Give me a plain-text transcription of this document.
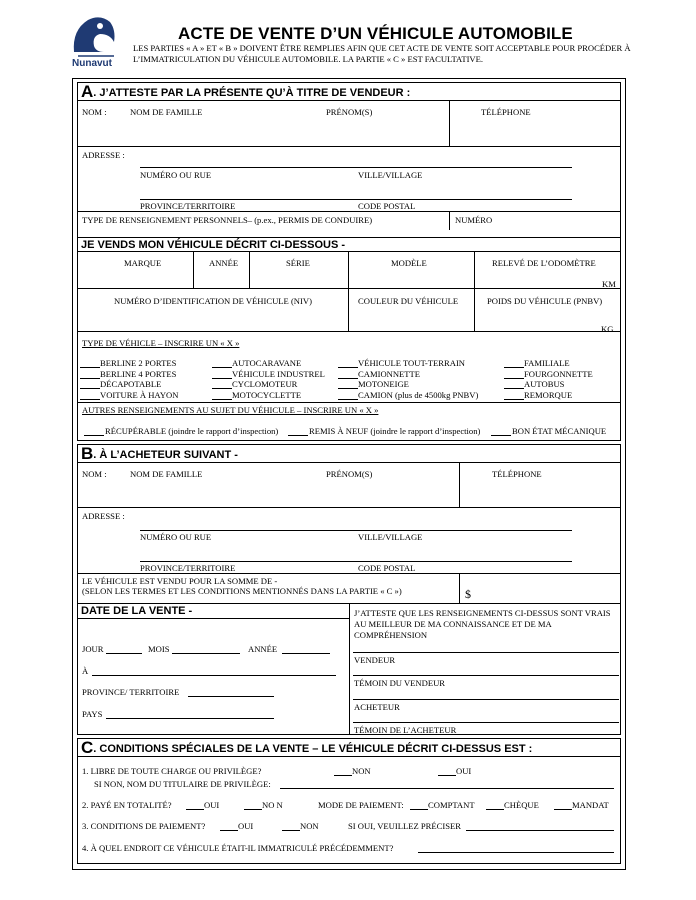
Nunavut
ACTE DE VENTE D’UN VÉHICULE AUTOMOBILE
LES PARTIES « A » ET « B » DOIVENT ÊTRE REMPLIES AFIN QUE CET ACTE DE VENTE SOIT ACCEPTABLE POUR PROCÉDER À L’IMMATRICULATION DU VÉHICULE AUTOMOBILE. LA PARTIE « C » EST FACULTATIVE.
A. J’ATTESTE PAR LA PRÉSENTE QU’À TITRE DE VENDEUR :
NOM :	NOM DE FAMILLE	PRÉNOM(S)	TÉLÉPHONE
ADRESSE :
NUMÉRO OU RUE	VILLE/VILLAGE
PROVINCE/TERRITOIRE	CODE POSTAL
TYPE DE RENSEIGNEMENT PERSONNELS– (p.ex., PERMIS DE CONDUIRE)	NUMÉRO
JE VENDS MON VÉHICULE DÉCRIT CI-DESSOUS -
MARQUE	ANNÉE	SÉRIE	MODÈLE	RELEVÉ DE L’ODOMÈTRE
KM
NUMÉRO D’IDENTIFICATION DE VÉHICULE (NIV)	COULEUR DU VÉHICULE	POIDS DU VÉHICULE (PNBV)
KG
TYPE DE VÉHICLE – INSCRIRE UN « X »
BERLINE 2 PORTES	AUTOCARAVANE	VÉHICULE TOUT-TERRAIN	FAMILIALE
BERLINE 4 PORTES	VÉHICULE INDUSTREL	CAMIONNETTE	FOURGONNETTE
DÉCAPOTABLE	CYCLOMOTEUR	MOTONEIGE	AUTOBUS
VOITURE À HAYON	MOTOCYCLETTE	CAMION (plus de 4500kg PNBV)	REMORQUE
AUTRES RENSEIGNEMENTS AU SUJET DU VÉHICULE – INSCRIRE UN « X »
RÉCUPÉRABLE (joindre le rapport d’inspection)	REMIS À NEUF (joindre le rapport d’inspection)	BON ÉTAT MÉCANIQUE
B. À L’ACHETEUR SUIVANT -
NOM :	NOM DE FAMILLE	PRÉNOM(S)	TÉLÉPHONE
ADRESSE :
NUMÉRO OU RUE	VILLE/VILLAGE
PROVINCE/TERRITOIRE	CODE POSTAL
LE VÉHICULE EST VENDU POUR LA SOMME DE -
(SELON LES TERMES ET LES CONDITIONS MENTIONNÉS DANS LA PARTIE « C »)	$
DATE DE LA VENTE -
JOUR	MOIS	ANNÉE
À
PROVINCE/ TERRITOIRE
PAYS
J’ATTESTE QUE LES RENSEIGNEMENTS CI-DESSUS SONT VRAIS AU MEILLEUR DE MA CONNAISSANCE ET DE MA COMPRÉHENSION
VENDEUR
TÉMOIN DU VENDEUR
ACHETEUR
TÉMOIN DE L’ACHETEUR
C. CONDITIONS SPÉCIALES DE LA VENTE – LE VÉHICULE DÉCRIT CI-DESSUS EST :
1. LIBRE DE TOUTE CHARGE OU PRIVILÈGE?	NON	OUI
SI NON, NOM DU TITULAIRE DE PRIVILÈGE:
2. PAYÉ EN TOTALITÉ?	OUI	NO N	MODE DE PAIEMENT:	COMPTANT	CHÈQUE	MANDAT
3. CONDITIONS DE PAIEMENT?	OUI	NON	SI OUI, VEUILLEZ PRÉCISER
4. À QUEL ENDROIT CE VÉHICULE ÉTAIT-IL IMMATRICULÉ PRÉCÉDEMMENT?
